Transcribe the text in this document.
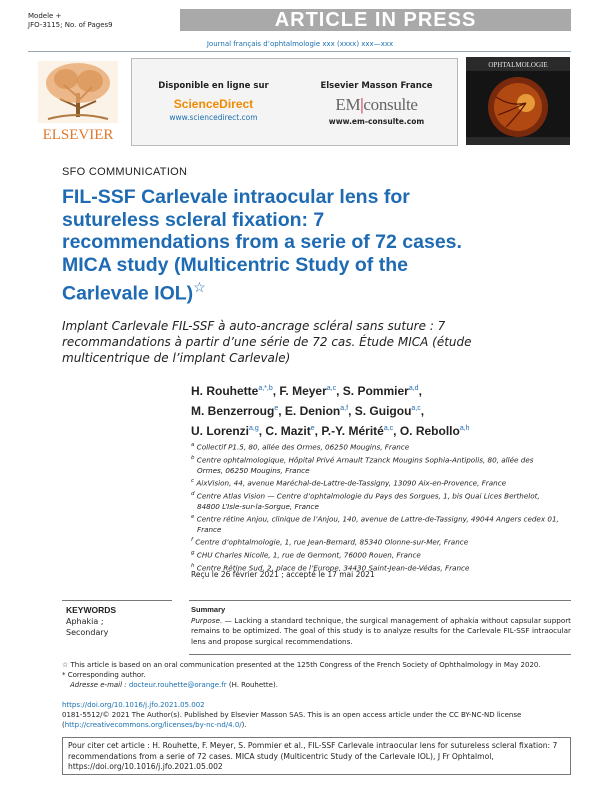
Modele +
JFO-3115; No. of Pages9	ARTICLE IN PRESS
Journal français d’ophtalmologie xxx (xxxx) xxx—xxx
ELSEVIER
Disponible en ligne sur
ScienceDirect
www.sciencedirect.com
Elsevier Masson France
EM|consulte
www.em-consulte.com
OPHTALMOLOGIE
SFO COMMUNICATION
FIL-SSF Carlevale intraocular lens for sutureless scleral fixation: 7 recommendations from a serie of 72 cases. MICA study (Multicentric Study of the Carlevale IOL)☆
Implant Carlevale FIL-SSF à auto-ancrage scléral sans suture : 7 recommandations à partir d’une série de 72 cas. Étude MICA (étude multicentrique de l’implant Carlevale)
H. Rouhette$^{a,*,b}$, F. Meyer$^{a,c}$, S. Pommier$^{a,d}$,
M. Benzerroug$^e$, E. Denion$^{a,f}$, S. Guigou$^{a,c}$,
U. Lorenzi$^{a,g}$, C. Mazit$^e$, P.-Y. Mérité$^{a,c}$, O. Rebollo$^{a,h}$
$^a$ Collectif P1.5, 80, allée des Ormes, 06250 Mougins, France
$^b$ Centre ophtalmologique, Hôpital Privé Arnault Tzanck Mougins Sophia-Antipolis, 80, allée des Ormes, 06250 Mougins, France
$^c$ AixVision, 44, avenue Maréchal-de-Lattre-de-Tassigny, 13090 Aix-en-Provence, France
$^d$ Centre Atlas Vision — Centre d’ophtalmologie du Pays des Sorgues, 1, bis Quai Lices Berthelot, 84800 L’Isle-sur-la-Sorgue, France
$^e$ Centre rétine Anjou, clinique de l’Anjou, 140, avenue de Lattre-de-Tassigny, 49044 Angers cedex 01, France
$^f$ Centre d’ophtalmologie, 1, rue Jean-Bernard, 85340 Olonne-sur-Mer, France
$^g$ CHU Charles Nicolle, 1, rue de Germont, 76000 Rouen, France
$^h$ Centre Rétine Sud, 2, place de l’Europe, 34430 Saint-Jean-de-Védas, France
Reçu le 26 février 2021 ; accepté le 17 mai 2021
KEYWORDS
Aphakia ;
Secondary
Summary
Purpose. — Lacking a standard technique, the surgical management of aphakia without capsular support remains to be optimized. The goal of this study is to analyze results for the Carlevale FIL-SSF intraocular lens and propose surgical recommendations.
☆ This article is based on an oral communication presented at the 125th Congress of the French Society of Ophthalmology in May 2020.
* Corresponding author.
Adresse e-mail : docteur.rouhette@orange.fr (H. Rouhette).
https://doi.org/10.1016/j.jfo.2021.05.002
0181-5512/© 2021 The Author(s). Published by Elsevier Masson SAS. This is an open access article under the CC BY-NC-ND license (http://creativecommons.org/licenses/by-nc-nd/4.0/).
Pour citer cet article : H. Rouhette, F. Meyer, S. Pommier et al., FIL-SSF Carlevale intraocular lens for sutureless scleral fixation: 7 recommendations from a serie of 72 cases. MICA study (Multicentric Study of the Carlevale IOL), J Fr Ophtalmol, https://doi.org/10.1016/j.jfo.2021.05.002
